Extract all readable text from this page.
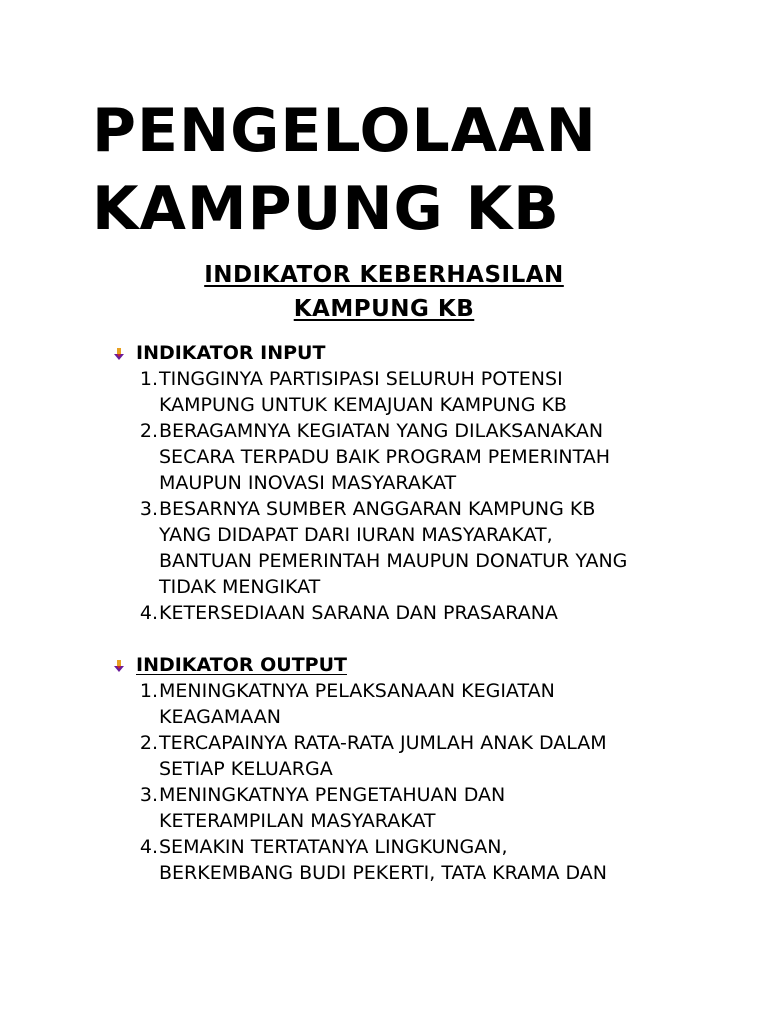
PENGELOLAAN
KAMPUNG KB
INDIKATOR KEBERHASILAN
KAMPUNG KB
INDIKATOR INPUT
1. TINGGINYA PARTISIPASI SELURUH POTENSI
KAMPUNG UNTUK KEMAJUAN KAMPUNG KB
2. BERAGAMNYA KEGIATAN YANG DILAKSANAKAN
SECARA TERPADU BAIK PROGRAM PEMERINTAH
MAUPUN INOVASI MASYARAKAT
3. BESARNYA SUMBER ANGGARAN KAMPUNG KB
YANG DIDAPAT DARI IURAN MASYARAKAT,
BANTUAN PEMERINTAH MAUPUN DONATUR YANG
TIDAK MENGIKAT
4. KETERSEDIAAN SARANA DAN PRASARANA
INDIKATOR OUTPUT
1. MENINGKATNYA PELAKSANAAN KEGIATAN
KEAGAMAAN
2. TERCAPAINYA RATA-RATA JUMLAH ANAK DALAM
SETIAP KELUARGA
3. MENINGKATNYA PENGETAHUAN DAN
KETERAMPILAN MASYARAKAT
4. SEMAKIN TERTATANYA LINGKUNGAN,
BERKEMBANG BUDI PEKERTI, TATA KRAMA DAN
